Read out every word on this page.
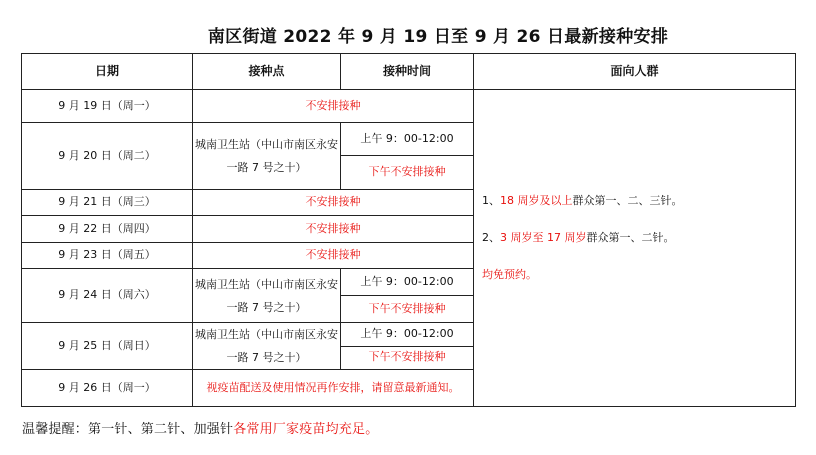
南区街道 2022 年 9 月 19 日至 9 月 26 日最新接种安排
日期	接种点	接种时间	面向人群
9 月 19 日（周一）	不安排接种		1、18 周岁及以上群众第一、二、三针。

2、3 周岁至 17 周岁群众第一、二针。

均免预约。

9 月 20 日（周二）	城南卫生站（中山市南区永安一路 7 号之十）	上午 9：00-12:00	
		下午不安排接种	
9 月 21 日（周三）	不安排接种		
9 月 22 日（周四）	不安排接种		
9 月 23 日（周五）	不安排接种		
9 月 24 日（周六）	城南卫生站（中山市南区永安一路 7 号之十）	上午 9：00-12:00	
		下午不安排接种	
9 月 25 日（周日）	城南卫生站（中山市南区永安一路 7 号之十）	上午 9：00-12:00	
		下午不安排接种	
9 月 26 日（周一）	视疫苗配送及使用情况再作安排，请留意最新通知。		
温馨提醒：第一针、第二针、加强针各常用厂家疫苗均充足。
